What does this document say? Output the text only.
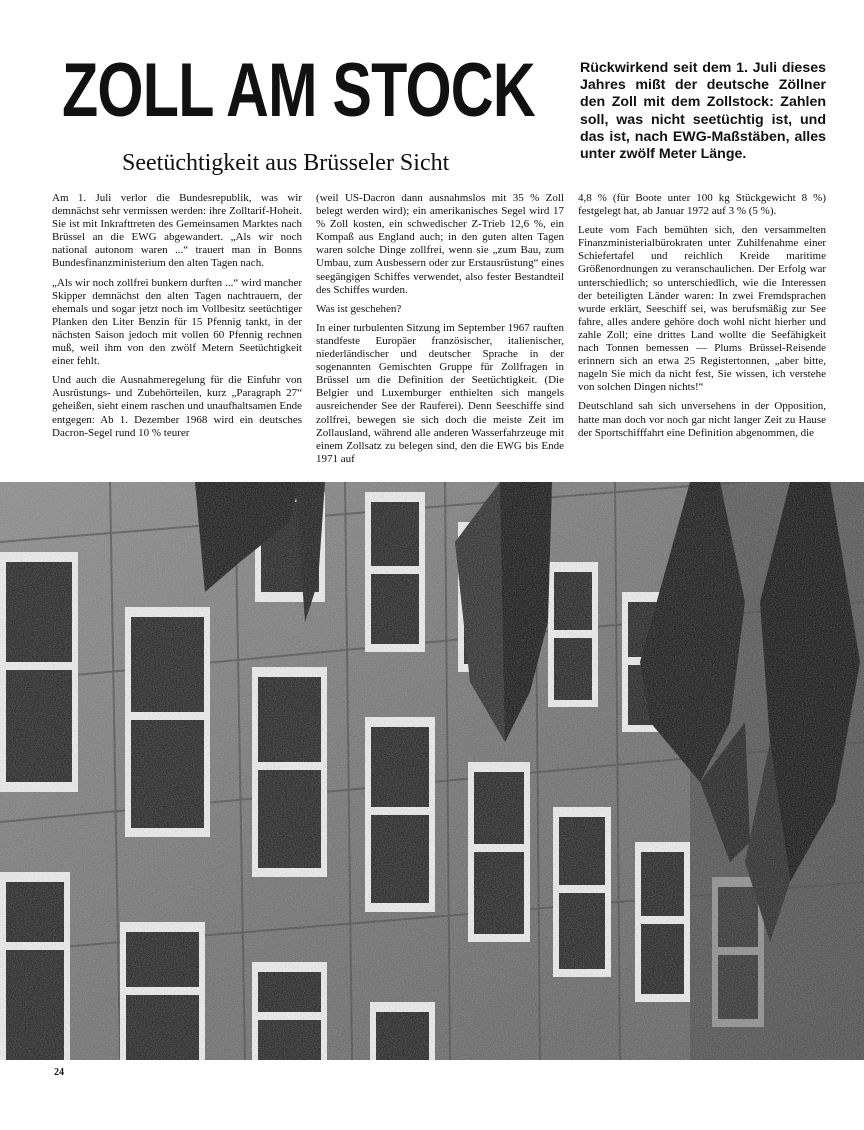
ZOLL AM STOCK
Seetüchtigkeit aus Brüsseler Sicht

Rückwirkend seit dem 1. Juli dieses Jahres mißt der deutsche Zöllner den Zoll mit dem Zollstock: Zahlen soll, was nicht seetüchtig ist, und das ist, nach EWG-Maßstäben, alles unter zwölf Meter Länge.

Am 1. Juli verlor die Bundesrepublik, was wir demnächst sehr vermissen werden: ihre Zolltarif-Hoheit. Sie ist mit Inkrafttreten des Gemeinsamen Marktes nach Brüssel an die EWG abgewandert. „Als wir noch national autonom waren ...“ trauert man in Bonns Bundesfinanzministerium den alten Tagen nach.

„Als wir noch zollfrei bunkern durften ...“ wird mancher Skipper demnächst den alten Tagen nachtrauern, der ehemals und sogar jetzt noch im Vollbesitz seetüchtiger Planken den Liter Benzin für 15 Pfennig tankt, in der nächsten Saison jedoch mit vollen 60 Pfennig rechnen muß, weil ihm von den zwölf Metern Seetüchtigkeit einer fehlt.

Und auch die Ausnahmeregelung für die Einfuhr von Ausrüstungs- und Zubehörteilen, kurz „Paragraph 27“ geheißen, sieht einem raschen und unaufhaltsamen Ende entgegen: Ab 1. Dezember 1968 wird ein deutsches Dacron-Segel rund 10 % teurer

(weil US-Dacron dann ausnahmslos mit 35 % Zoll belegt werden wird); ein amerikanisches Segel wird 17 % Zoll kosten, ein schwedischer Z-Trieb 12,6 %, ein Kompaß aus England auch; in den guten alten Tagen waren solche Dinge zollfrei, wenn sie „zum Bau, zum Umbau, zum Ausbessern oder zur Erstausrüstung“ eines seegängigen Schiffes verwendet, also fester Bestandteil des Schiffes wurden.

Was ist geschehen?

In einer turbulenten Sitzung im September 1967 rauften standfeste Europäer französischer, italienischer, niederländischer und deutscher Sprache in der sogenannten Gemischten Gruppe für Zollfragen in Brüssel um die Definition der Seetüchtigkeit. (Die Belgier und Luxemburger enthielten sich mangels ausreichender See der Rauferei). Denn Seeschiffe sind zollfrei, bewegen sie sich doch die meiste Zeit im Zollausland, während alle anderen Wasserfahrzeuge mit einem Zollsatz zu belegen sind, den die EWG bis Ende 1971 auf

4,8 % (für Boote unter 100 kg Stückgewicht 8 %) festgelegt hat, ab Januar 1972 auf 3 % (5 %).

Leute vom Fach bemühten sich, den versammelten Finanzministerialbürokraten unter Zuhilfenahme einer Schiefertafel und reichlich Kreide maritime Größenordnungen zu veranschaulichen. Der Erfolg war unterschiedlich; so unterschiedlich, wie die Interessen der beteiligten Länder waren: In zwei Fremdsprachen wurde erklärt, Seeschiff sei, was berufsmäßig zur See fahre, alles andere gehöre doch wohl nicht hierher und zahle Zoll; eine drittes Land wollte die Seefähigkeit nach Tonnen bemessen — Plums Brüssel-Reisende erinnern sich an etwa 25 Registertonnen, „aber bitte, nageln Sie mich da nicht fest, Sie wissen, ich verstehe von solchen Dingen nichts!“

Deutschland sah sich unversehens in der Opposition, hatte man doch vor noch gar nicht langer Zeit zu Hause der Sportschifffahrt eine Definition abgenommen, die

24
